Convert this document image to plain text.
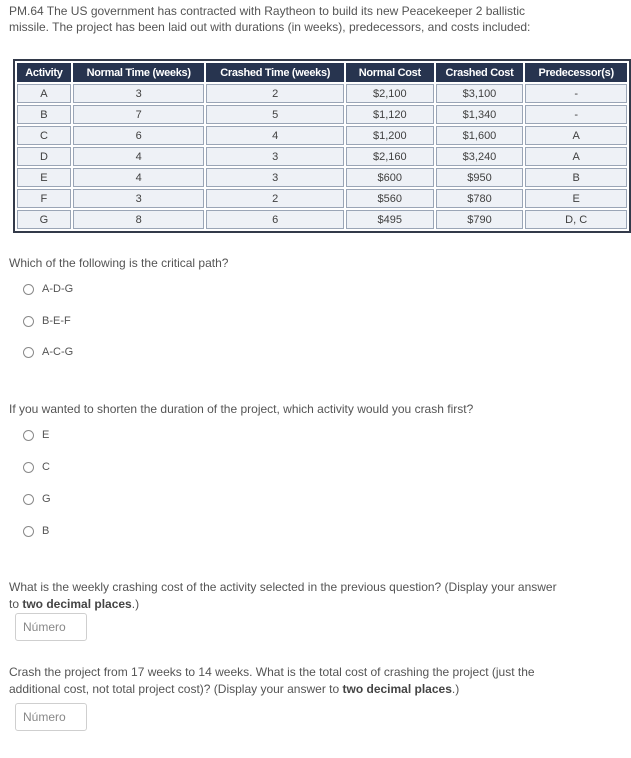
PM.64 The US government has contracted with Raytheon to build its new Peacekeeper 2 ballistic
missile. The project has been laid out with durations (in weeks), predecessors, and costs included:
Activity	Normal Time (weeks)	Crashed Time (weeks)	Normal Cost	Crashed Cost	Predecessor(s)
A	3	2	$2,100	$3,100	-
B	7	5	$1,120	$1,340	-
C	6	4	$1,200	$1,600	A
D	4	3	$2,160	$3,240	A
E	4	3	$600	$950	B
F	3	2	$560	$780	E
G	8	6	$495	$790	D, C
Which of the following is the critical path?
A-D-G
B-E-F
A-C-G
If you wanted to shorten the duration of the project, which activity would you crash first?
E
C
G
B
What is the weekly crashing cost of the activity selected in the previous question? (Display your answer
to two decimal places.)
Número
Crash the project from 17 weeks to 14 weeks. What is the total cost of crashing the project (just the
additional cost, not total project cost)? (Display your answer to two decimal places.)
Número
